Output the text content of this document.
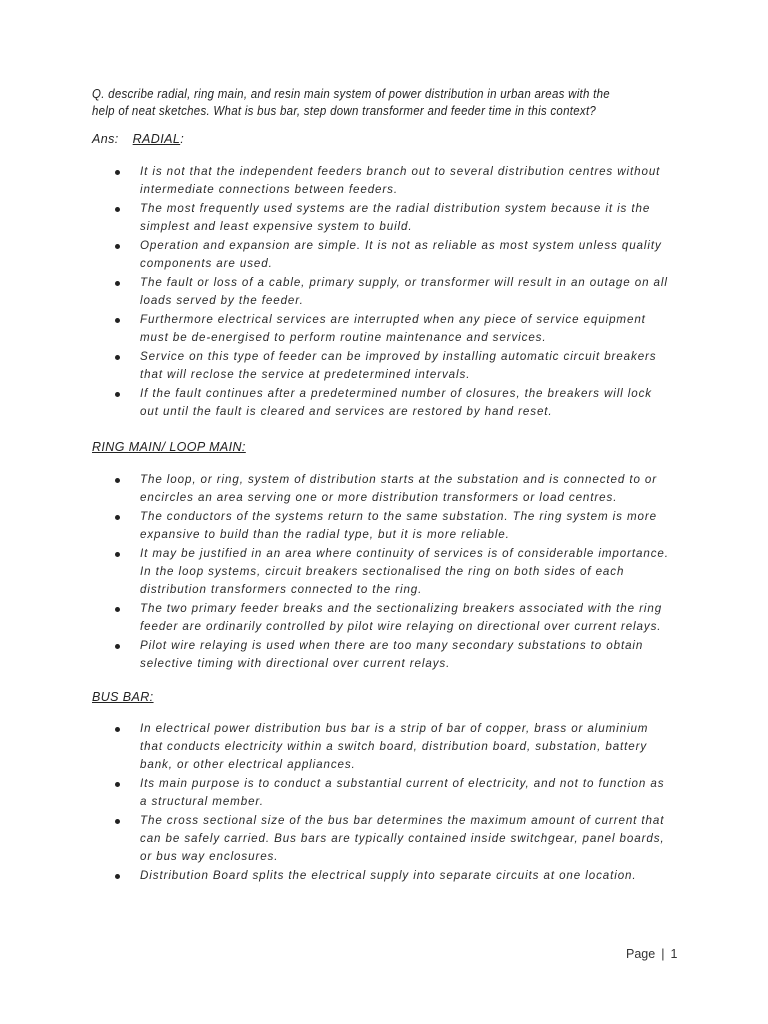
Q. describe radial, ring main, and resin main system of power distribution in urban areas with the
help of neat sketches. What is bus bar, step down transformer and feeder time in this context?
Ans: RADIAL:
It is not that the independent feeders branch out to several distribution centres without intermediate connections between feeders.
The most frequently used systems are the radial distribution system because it is the simplest and least expensive system to build.
Operation and expansion are simple. It is not as reliable as most system unless quality components are used.
The fault or loss of a cable, primary supply, or transformer will result in an outage on all loads served by the feeder.
Furthermore electrical services are interrupted when any piece of service equipment must be de-energised to perform routine maintenance and services.
Service on this type of feeder can be improved by installing automatic circuit breakers that will reclose the service at predetermined intervals.
If the fault continues after a predetermined number of closures, the breakers will lock out until the fault is cleared and services are restored by hand reset.
RING MAIN/ LOOP MAIN:
The loop, or ring, system of distribution starts at the substation and is connected to or encircles an area serving one or more distribution transformers or load centres.
The conductors of the systems return to the same substation. The ring system is more expansive to build than the radial type, but it is more reliable.
It may be justified in an area where continuity of services is of considerable importance. In the loop systems, circuit breakers sectionalised the ring on both sides of each distribution transformers connected to the ring.
The two primary feeder breaks and the sectionalizing breakers associated with the ring feeder are ordinarily controlled by pilot wire relaying on directional over current relays.
Pilot wire relaying is used when there are too many secondary substations to obtain selective timing with directional over current relays.
BUS BAR:
In electrical power distribution bus bar is a strip of bar of copper, brass or aluminium that conducts electricity within a switch board, distribution board, substation, battery bank, or other electrical appliances.
Its main purpose is to conduct a substantial current of electricity, and not to function as a structural member.
The cross sectional size of the bus bar determines the maximum amount of current that can be safely carried. Bus bars are typically contained inside switchgear, panel boards, or bus way enclosures.
Distribution Board splits the electrical supply into separate circuits at one location.
Page | 1
